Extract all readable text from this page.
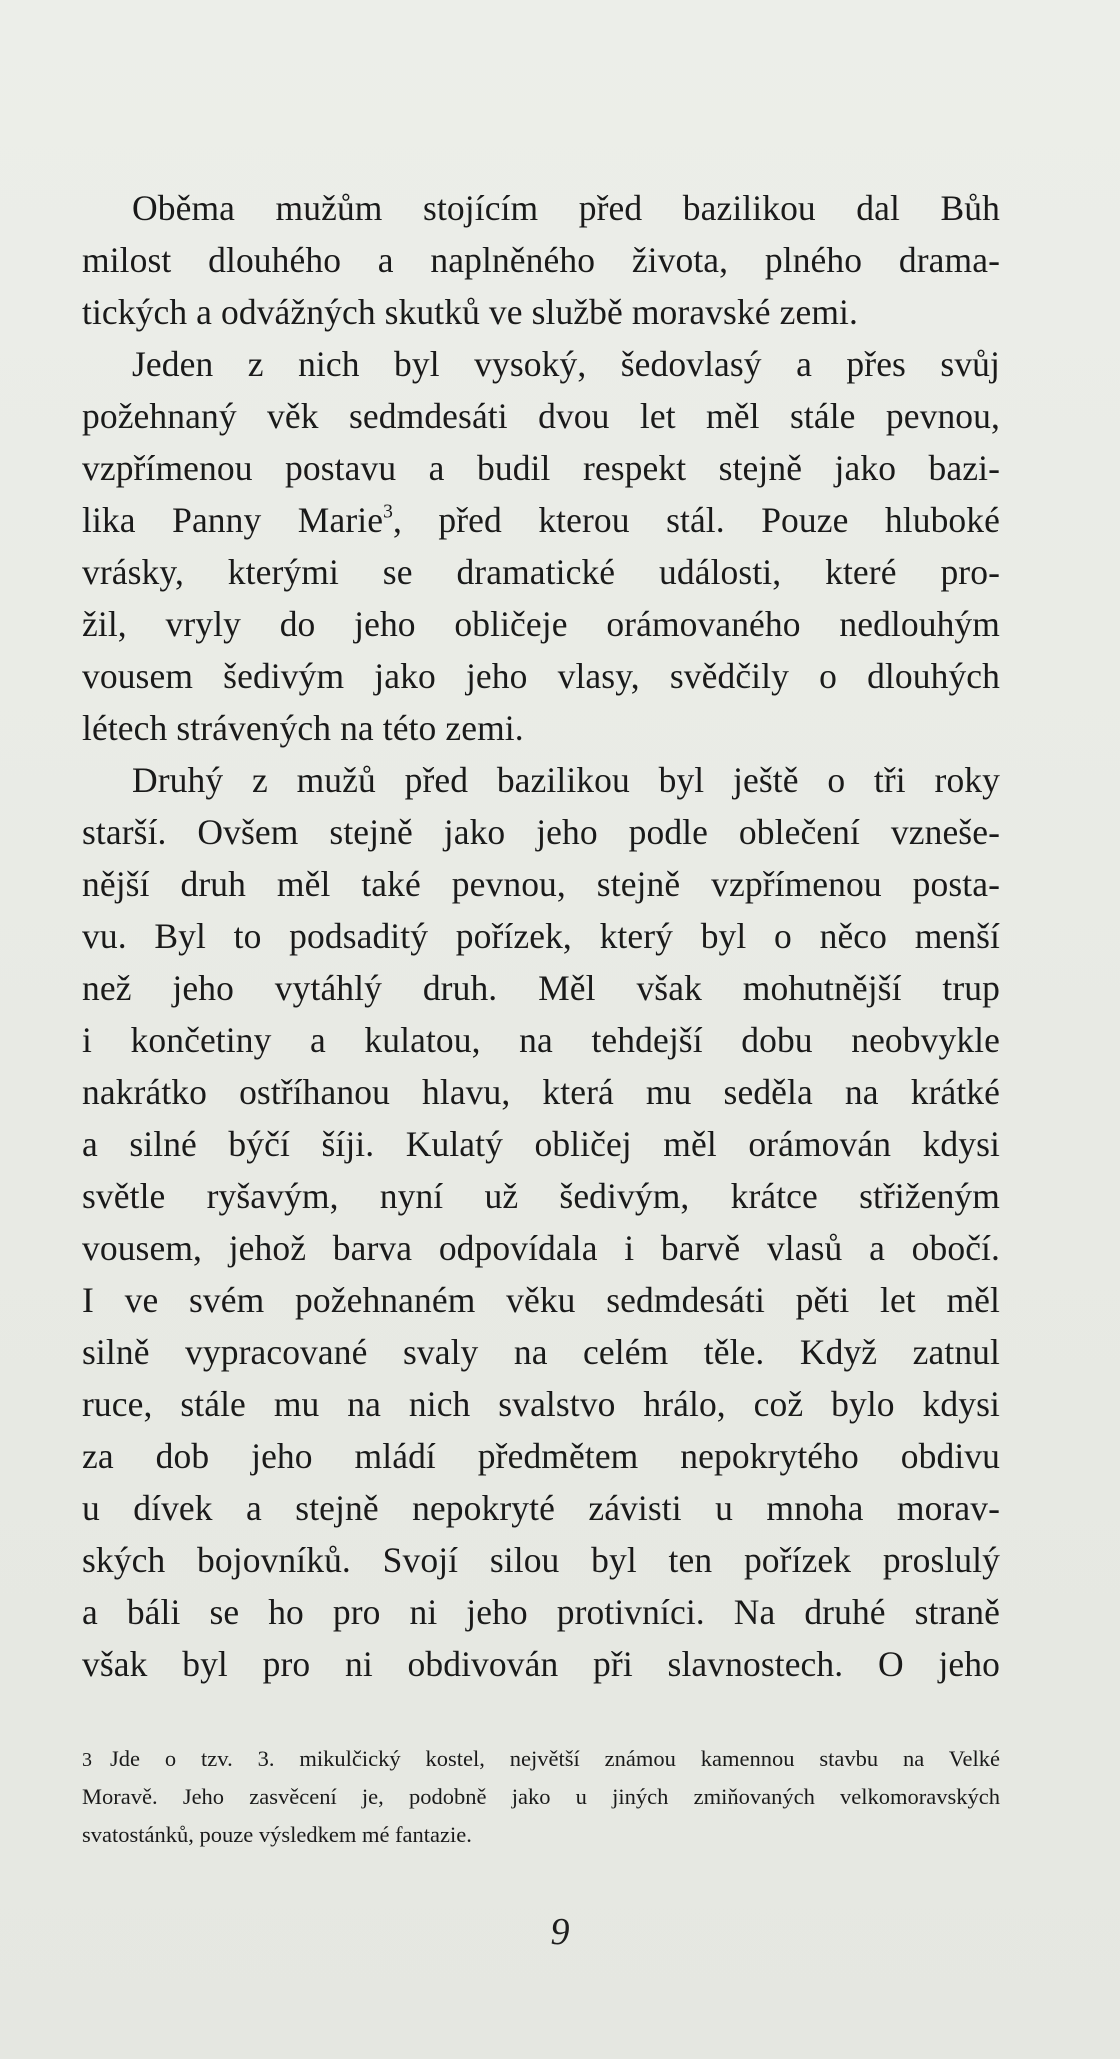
Oběma mužům stojícím před bazilikou dal Bůh
milost dlouhého a naplněného života, plného drama-
tických a odvážných skutků ve službě moravské zemi.
Jeden z nich byl vysoký, šedovlasý a přes svůj
požehnaný věk sedmdesáti dvou let měl stále pevnou,
vzpřímenou postavu a budil respekt stejně jako bazi-
lika Panny Marie$^3$, před kterou stál. Pouze hluboké
vrásky, kterými se dramatické události, které pro-
žil, vryly do jeho obličeje orámovaného nedlouhým
vousem šedivým jako jeho vlasy, svědčily o dlouhých
létech strávených na této zemi.
Druhý z mužů před bazilikou byl ještě o tři roky
starší. Ovšem stejně jako jeho podle oblečení vzneše-
nější druh měl také pevnou, stejně vzpřímenou posta-
vu. Byl to podsaditý pořízek, který byl o něco menší
než jeho vytáhlý druh. Měl však mohutnější trup
i končetiny a kulatou, na tehdejší dobu neobvykle
nakrátko ostříhanou hlavu, která mu seděla na krátké
a silné býčí šíji. Kulatý obličej měl orámován kdysi
světle ryšavým, nyní už šedivým, krátce střiženým
vousem, jehož barva odpovídala i barvě vlasů a obočí.
I ve svém požehnaném věku sedmdesáti pěti let měl
silně vypracované svaly na celém těle. Když zatnul
ruce, stále mu na nich svalstvo hrálo, což bylo kdysi
za dob jeho mládí předmětem nepokrytého obdivu
u dívek a stejně nepokryté závisti u mnoha morav-
ských bojovníků. Svojí silou byl ten pořízek proslulý
a báli se ho pro ni jeho protivníci. Na druhé straně
však byl pro ni obdivován při slavnostech. O jeho
3 Jde o tzv. 3. mikulčický kostel, největší známou kamennou stavbu na Velké
Moravě. Jeho zasvěcení je, podobně jako u jiných zmiňovaných velkomoravských
svatostánků, pouze výsledkem mé fantazie.
9
